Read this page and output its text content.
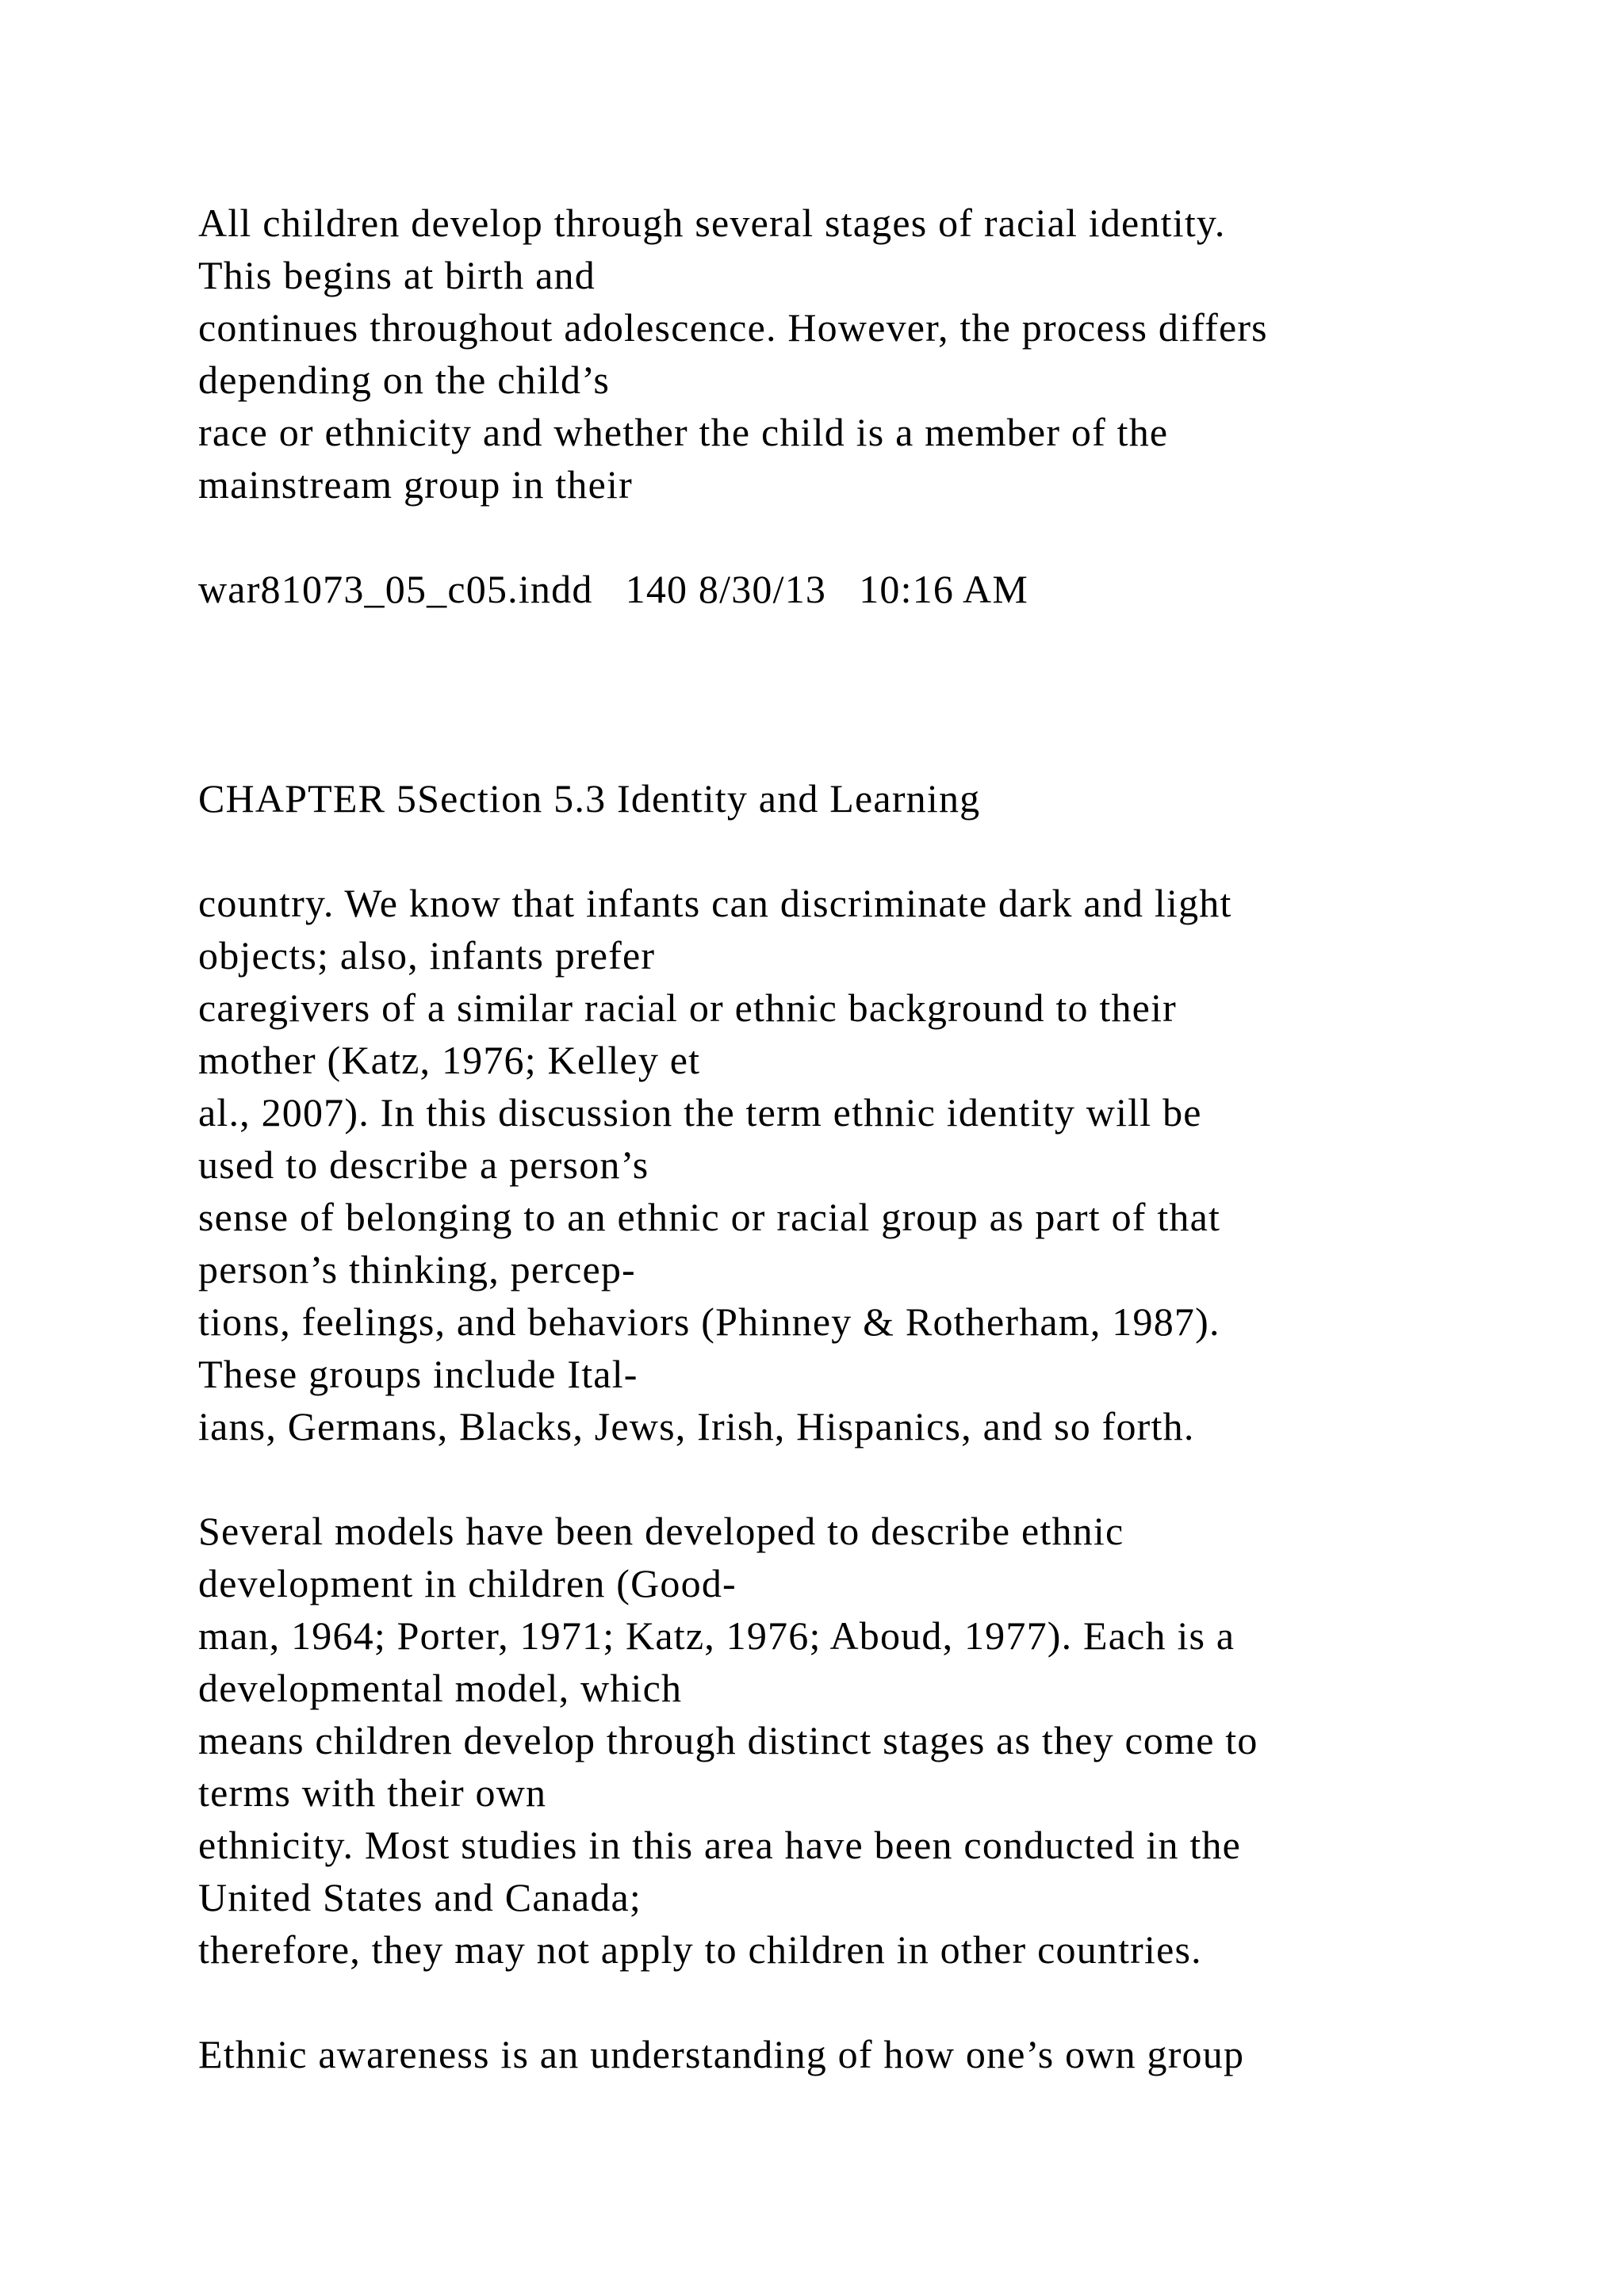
All children develop through several stages of racial identity.

This begins at birth and

continues throughout adolescence. However, the process differs

depending on the child’s

race or ethnicity and whether the child is a member of the

mainstream group in their

war81073_05_c05.indd   140 8/30/13   10:16 AM

CHAPTER 5Section 5.3 Identity and Learning

country. We know that infants can discriminate dark and light

objects; also, infants prefer

caregivers of a similar racial or ethnic background to their

mother (Katz, 1976; Kelley et

al., 2007). In this discussion the term ethnic identity will be

used to describe a person’s

sense of belonging to an ethnic or racial group as part of that

person’s thinking, percep-

tions, feelings, and behaviors (Phinney & Rotherham, 1987).

These groups include Ital-

ians, Germans, Blacks, Jews, Irish, Hispanics, and so forth.

Several models have been developed to describe ethnic

development in children (Good-

man, 1964; Porter, 1971; Katz, 1976; Aboud, 1977). Each is a

developmental model, which

means children develop through distinct stages as they come to

terms with their own

ethnicity. Most studies in this area have been conducted in the

United States and Canada;

therefore, they may not apply to children in other countries.

Ethnic awareness is an understanding of how one’s own group
